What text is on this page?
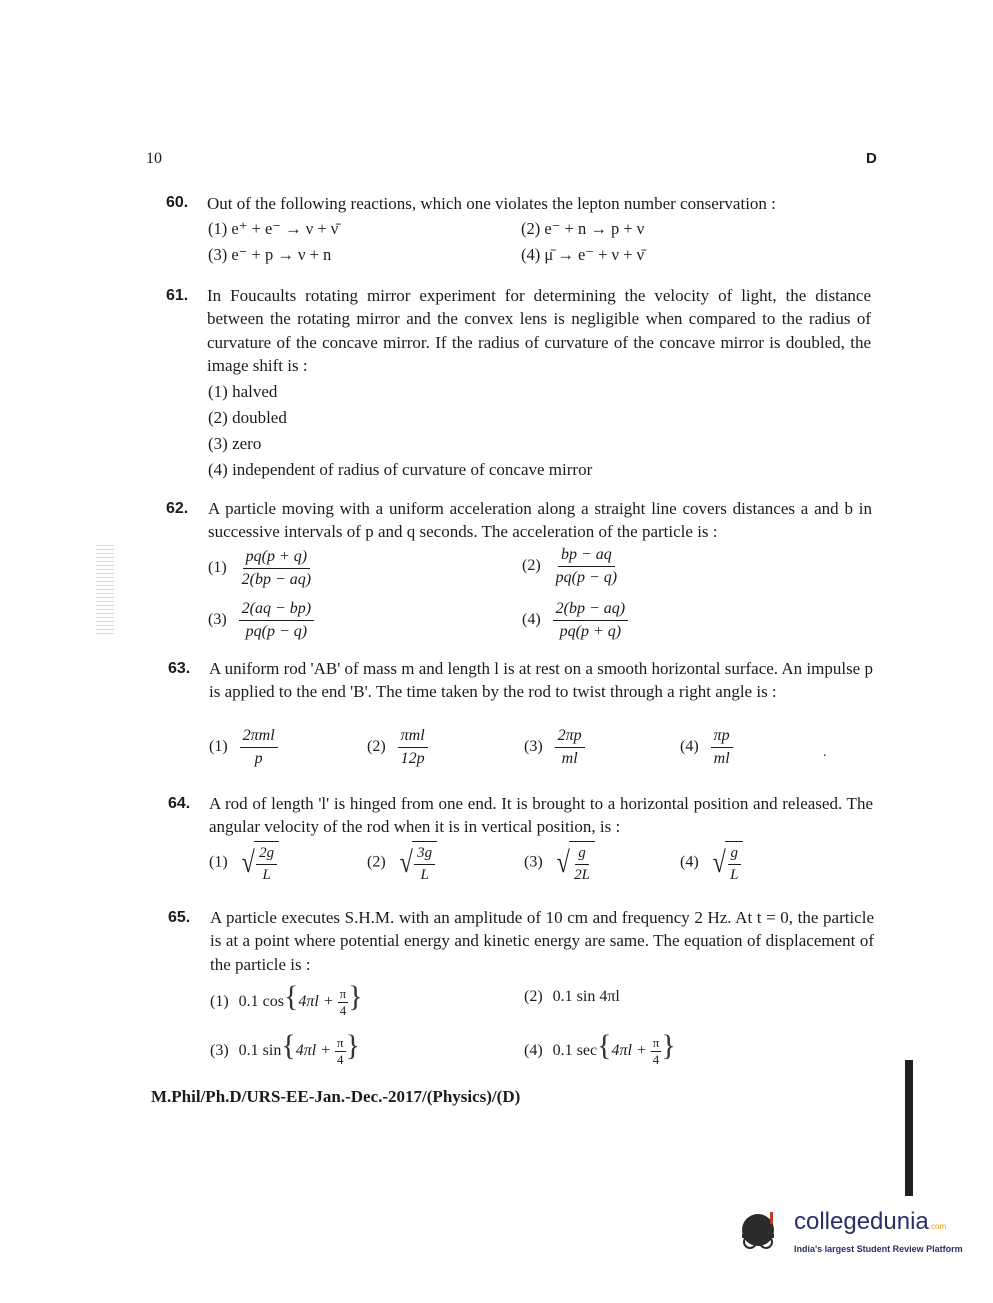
10	D
60. Out of the following reactions, which one violates the lepton number conservation :
(1) e⁺ + e⁻ → ν + ν̄	(2) e⁻ + n → p + ν
(3) e⁻ + p → ν + n	(4) μ̄ → e⁻ + ν + ν̄
61. In Foucaults rotating mirror experiment for determining the velocity of light, the distance between the rotating mirror and the convex lens is negligible when compared to the radius of curvature of the concave mirror. If the radius of curvature of the concave mirror is doubled, the image shift is :
(1) halved
(2) doubled
(3) zero
(4) independent of radius of curvature of concave mirror
62. A particle moving with a uniform acceleration along a straight line covers distances a and b in successive intervals of p and q seconds. The acceleration of the particle is :
$(1) \frac{pq(p + q)}{2(bp - aq)}$	$(2) \frac{bp - aq}{pq(p - q)}$
$(3) \frac{2(aq - bp)}{pq(p - q)}$	$(4) \frac{2(bp - aq)}{pq(p + q)}$
63. A uniform rod 'AB' of mass m and length l is at rest on a smooth horizontal surface. An impulse p is applied to the end 'B'. The time taken by the rod to twist through a right angle is :
$(1) \frac{\text{2πml}}{p}$	$(2) \frac{\text{πml}}{12p}$	$(3) \frac{2\pi p}{ml}$	$(4) \frac{\pi p}{ml}$	.
64. A rod of length 'l' is hinged from one end. It is brought to a horizontal position and released. The angular velocity of the rod when it is in vertical position, is :
(1) √ $\frac{2g}{L}$	(2) √ $\frac{3g}{L}$	(3) √ $\frac{g}{2L}$	(4) √ $\frac{g}{L}$
65. A particle executes S.H.M. with an amplitude of 10 cm and frequency 2 Hz. At t = 0, the particle is at a point where potential energy and kinetic energy are same. The equation of displacement of the particle is :
(1) 0.1 $\cos\{4\pi l + \frac{\pi}{4}$ }	(2) 0.1 sin 4πl
(3) 0.1 $\sin\{4\pi l + \frac{\pi}{4}$ }	(4) 0.1 $\sec\{4\pi l + \frac{\pi}{4}$ }
M.Phil/Ph.D/URS-EE-Jan.-Dec.-2017/(Physics)/(D)
collegedunia.com
India's largest Student Review Platform
